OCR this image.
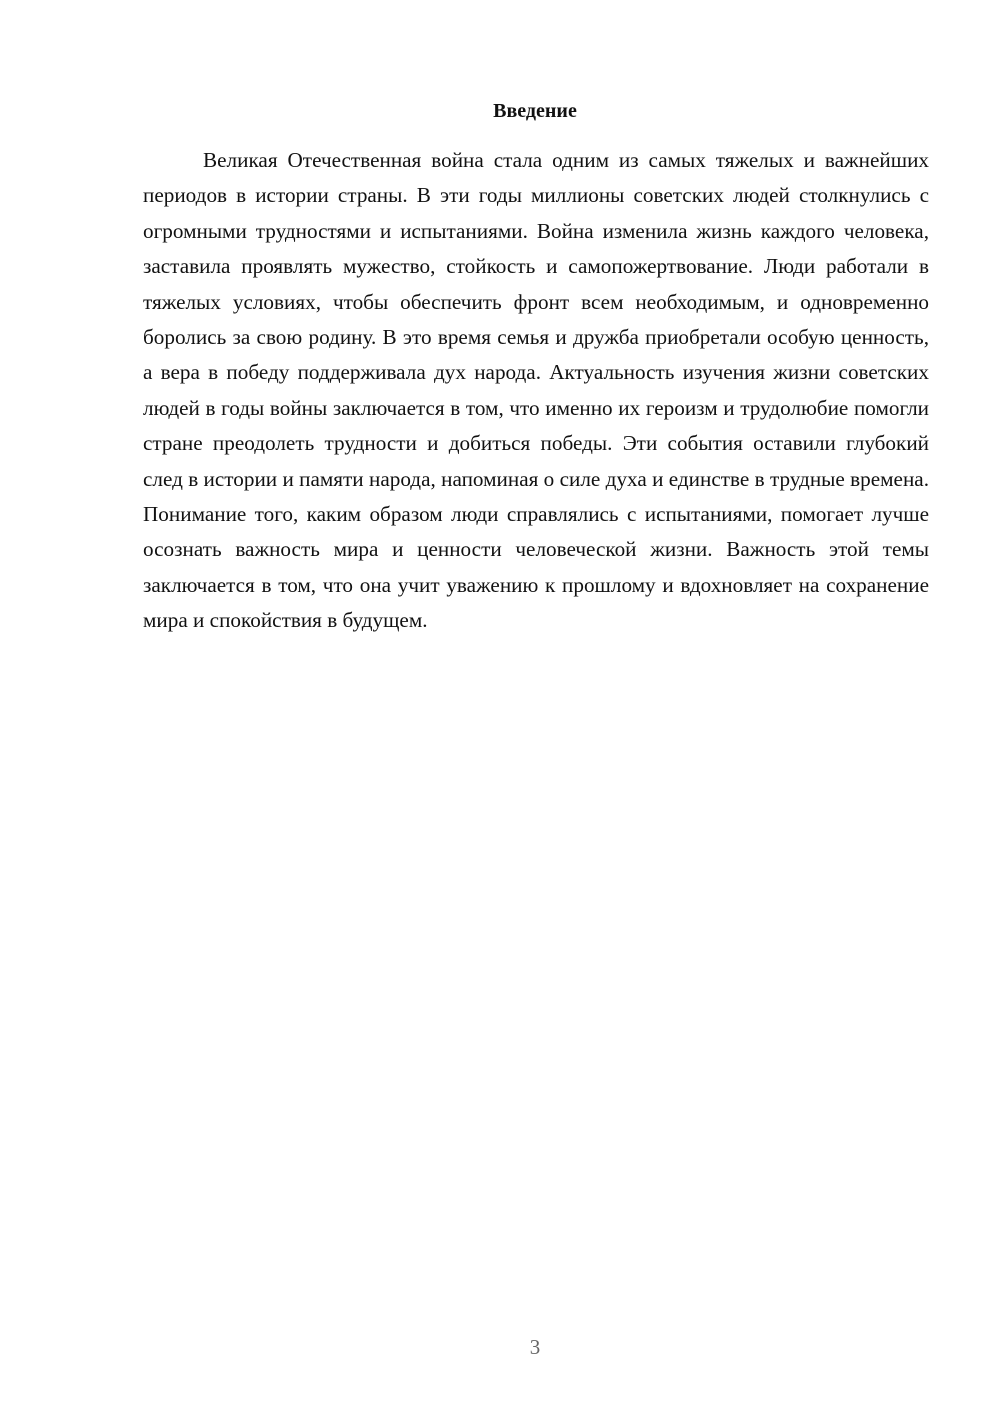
Введение

Великая Отечественная война стала одним из самых тяжелых и важнейших периодов в истории страны. В эти годы миллионы советских людей столкнулись с огромными трудностями и испытаниями. Война изменила жизнь каждого человека, заставила проявлять мужество, стойкость и самопожертвование. Люди работали в тяжелых условиях, чтобы обеспечить фронт всем необходимым, и одновременно боролись за свою родину. В это время семья и дружба приобретали особую ценность, а вера в победу поддерживала дух народа. Актуальность изучения жизни советских людей в годы войны заключается в том, что именно их героизм и трудолюбие помогли стране преодолеть трудности и добиться победы. Эти события оставили глубокий след в истории и памяти народа, напоминая о силе духа и единстве в трудные времена. Понимание того, каким образом люди справлялись с испытаниями, помогает лучше осознать важность мира и ценности человеческой жизни. Важность этой темы заключается в том, что она учит уважению к прошлому и вдохновляет на сохранение мира и спокойствия в будущем.

3
